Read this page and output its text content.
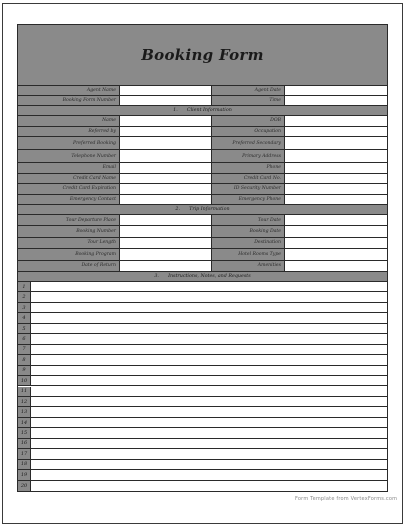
Booking Form
Agent Name	Agent Date
Booking Form Number	Time
1.
Client Information
Name	DOB
Referred by	Occupation
Preferred Booking	Preferred Secondary
Telephone Number	Primary Address
Email	Phone
Credit Card Name	Credit Card No.
Credit Card Expiration	ID Security Number
Emergency Contact	Emergency Phone
2.
Trip Information
Tour Departure Place	Tour Date
Booking Number	Booking Date
Tour Length	Destination
Booking Program	Hotel Rooms Type
Date of Return	Amenities
3.
Instructions, Notes, and Requests
1
2
3
4
5
6
7
8
9
10
11
12
13
14
15
16
17
18
19
20
Form Template from VertexForms.com
